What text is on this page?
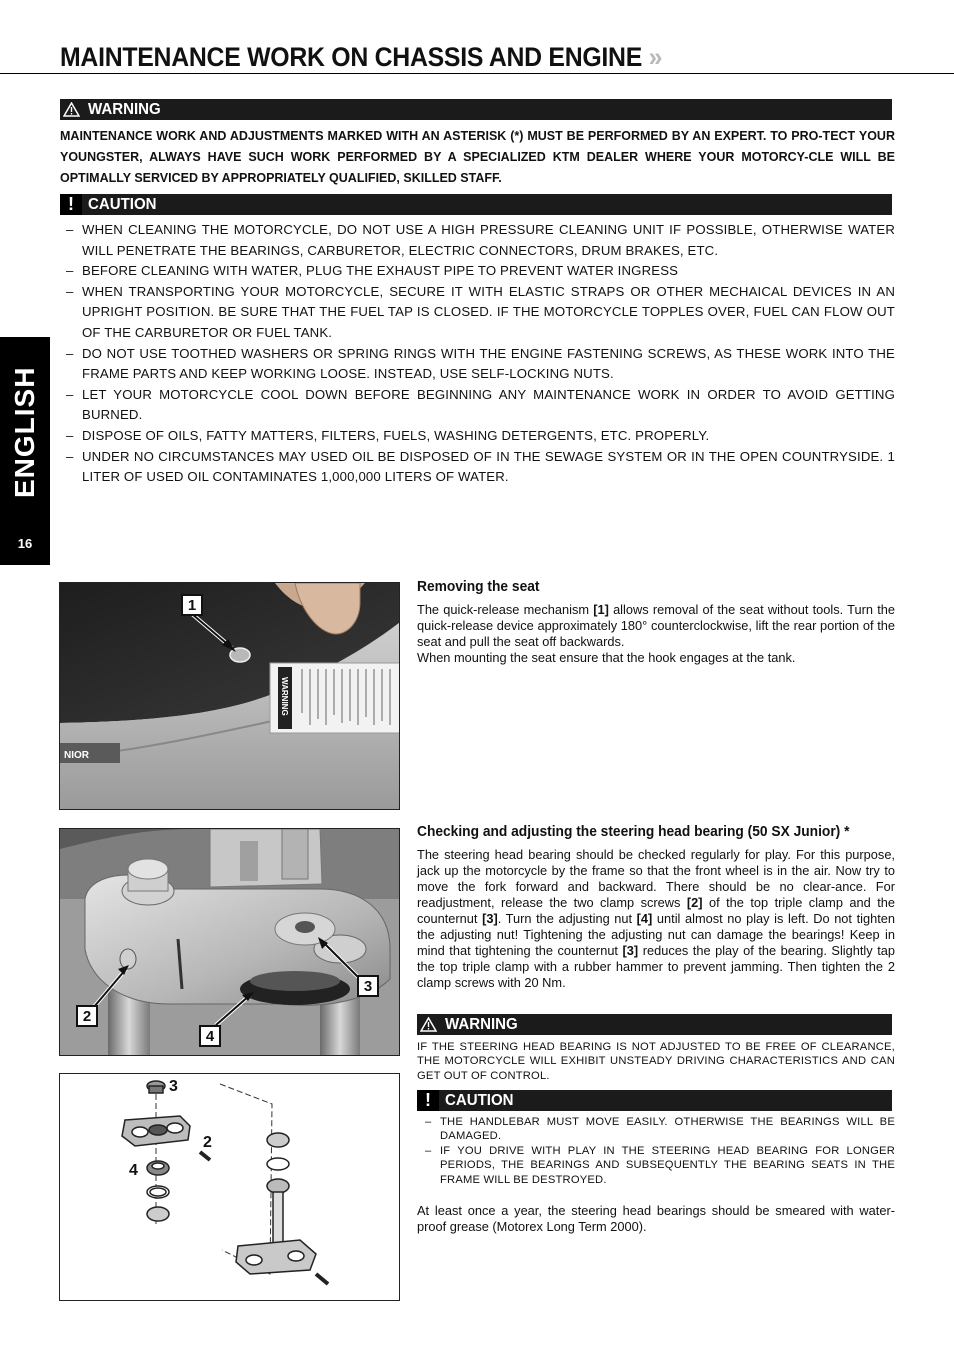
MAINTENANCE WORK ON CHASSIS AND ENGINE »
ENGLISH
16
WARNING
MAINTENANCE WORK AND ADJUSTMENTS MARKED WITH AN ASTERISK (*) MUST BE PERFORMED BY AN EXPERT. TO PRO-TECT YOUR YOUNGSTER, ALWAYS HAVE SUCH WORK PERFORMED BY A SPECIALIZED KTM DEALER WHERE YOUR MOTORCY-CLE WILL BE OPTIMALLY SERVICED BY APPROPRIATELY QUALIFIED, SKILLED STAFF.
! CAUTION
– WHEN CLEANING THE MOTORCYCLE, DO NOT USE A HIGH PRESSURE CLEANING UNIT IF POSSIBLE, OTHERWISE WATER WILL PENETRATE THE BEARINGS, CARBURETOR, ELECTRIC CONNECTORS, DRUM BRAKES, ETC.
– BEFORE CLEANING WITH WATER, PLUG THE EXHAUST PIPE TO PREVENT WATER INGRESS
– WHEN TRANSPORTING YOUR MOTORCYCLE, SECURE IT WITH ELASTIC STRAPS OR OTHER MECHAICAL DEVICES IN AN UPRIGHT POSITION. BE SURE THAT THE FUEL TAP IS CLOSED. IF THE MOTORCYCLE TOPPLES OVER, FUEL CAN FLOW OUT OF THE CARBURETOR OR FUEL TANK.
– DO NOT USE TOOTHED WASHERS OR SPRING RINGS WITH THE ENGINE FASTENING SCREWS, AS THESE WORK INTO THE FRAME PARTS AND KEEP WORKING LOOSE. INSTEAD, USE SELF-LOCKING NUTS.
– LET YOUR MOTORCYCLE COOL DOWN BEFORE BEGINNING ANY MAINTENANCE WORK IN ORDER TO AVOID GETTING BURNED.
– DISPOSE OF OILS, FATTY MATTERS, FILTERS, FUELS, WASHING DETERGENTS, ETC. PROPERLY.
– UNDER NO CIRCUMSTANCES MAY USED OIL BE DISPOSED OF IN THE SEWAGE SYSTEM OR IN THE OPEN COUNTRYSIDE. 1 LITER OF USED OIL CONTAMINATES 1,000,000 LITERS OF WATER.
NIOR
WARNING
1
Removing the seat
The quick-release mechanism [1] allows removal of the seat without tools. Turn the quick-release device approximately 180° counterclockwise, lift the rear portion of the seat and pull the seat off backwards.
When mounting the seat ensure that the hook engages at the tank.
2
3
4
3
2
4
Checking and adjusting the steering head bearing (50 SX Junior) *
The steering head bearing should be checked regularly for play. For this purpose, jack up the motorcycle by the frame so that the front wheel is in the air. Now try to move the fork forward and backward. There should be no clear-ance. For readjustment, release the two clamp screws [2] of the top triple clamp and the counternut [3]. Turn the adjusting nut [4] until almost no play is left. Do not tighten the adjusting nut! Tightening the adjusting nut can damage the bearings! Keep in mind that tightening the counternut [3] reduces the play of the bearing. Slightly tap the top triple clamp with a rubber hammer to prevent jamming. Then tighten the 2 clamp screws with 20 Nm.
WARNING
IF THE STEERING HEAD BEARING IS NOT ADJUSTED TO BE FREE OF CLEARANCE, THE MOTORCYCLE WILL EXHIBIT UNSTEADY DRIVING CHARACTERISTICS AND CAN GET OUT OF CONTROL.
! CAUTION
– THE HANDLEBAR MUST MOVE EASILY. OTHERWISE THE BEARINGS WILL BE DAMAGED.
– IF YOU DRIVE WITH PLAY IN THE STEERING HEAD BEARING FOR LONGER PERIODS, THE BEARINGS AND SUBSEQUENTLY THE BEARING SEATS IN THE FRAME WILL BE DESTROYED.
At least once a year, the steering head bearings should be smeared with water-proof grease (Motorex Long Term 2000).
